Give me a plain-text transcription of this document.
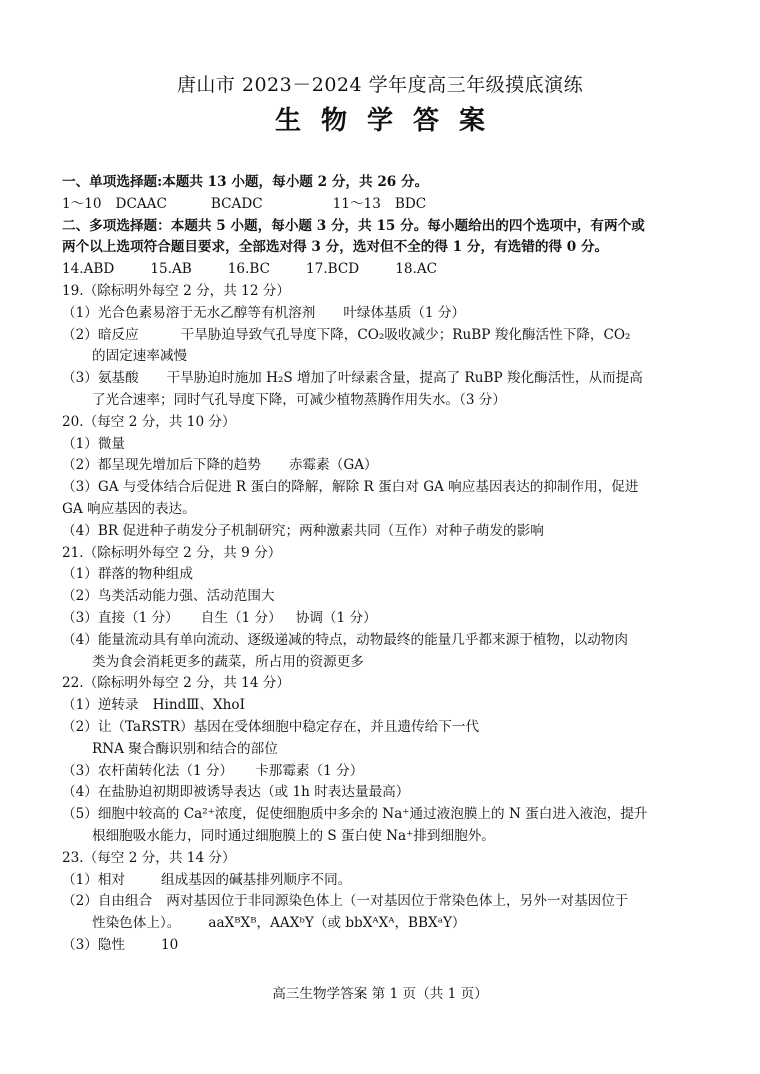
唐山市 2023－2024 学年度高三年级摸底演练
生物学答案
一、单项选择题:本题共 13 小题，每小题 2 分，共 26 分。
1～10 DCAAC	BCADC	11～13 BDC
二、多项选择题：本题共 5 小题，每小题 3 分，共 15 分。每小题给出的四个选项中，有两个或
两个以上选项符合题目要求，全部选对得 3 分，选对但不全的得 1 分，有选错的得 0 分。
14.ABD	15.AB	16.BC	17.BCD	18.AC
19.（除标明外每空 2 分，共 12 分）
（1）光合色素易溶于无水乙醇等有机溶剂 叶绿体基质（1 分）
（2）暗反应	干旱胁迫导致气孔导度下降，CO₂吸收减少；RuBP 羧化酶活性下降，CO₂
的固定速率减慢
（3）氨基酸 干旱胁迫时施加 H₂S 增加了叶绿素含量，提高了 RuBP 羧化酶活性，从而提高
了光合速率；同时气孔导度下降，可减少植物蒸腾作用失水。（3 分）
20.（每空 2 分，共 10 分）
（1）微量
（2）都呈现先增加后下降的趋势 赤霉素（GA）
（3）GA 与受体结合后促进 R 蛋白的降解，解除 R 蛋白对 GA 响应基因表达的抑制作用，促进
GA 响应基因的表达。
（4）BR 促进种子萌发分子机制研究；两种激素共同（互作）对种子萌发的影响
21.（除标明外每空 2 分，共 9 分）
（1）群落的物种组成
（2）鸟类活动能力强、活动范围大
（3）直接（1 分） 自生（1 分） 协调（1 分）
（4）能量流动具有单向流动、逐级递减的特点，动物最终的能量几乎都来源于植物，以动物肉
类为食会消耗更多的蔬菜，所占用的资源更多
22.（除标明外每空 2 分，共 14 分）
（1）逆转录 HindⅢ、XhoI
（2）让（TaRSTR）基因在受体细胞中稳定存在，并且遗传给下一代
RNA 聚合酶识别和结合的部位
（3）农杆菌转化法（1 分） 卡那霉素（1 分）
（4）在盐胁迫初期即被诱导表达（或 1h 时表达量最高）
（5）细胞中较高的 Ca²⁺浓度，促使细胞质中多余的 Na⁺通过液泡膜上的 N 蛋白进入液泡，提升
根细胞吸水能力，同时通过细胞膜上的 S 蛋白使 Na⁺排到细胞外。
23.（每空 2 分，共 14 分）
（1）相对	组成基因的碱基排列顺序不同。
（2）自由组合 两对基因位于非同源染色体上（一对基因位于常染色体上，另外一对基因位于
性染色体上）。 aaXᴮXᴮ，AAXᵇY（或 bbXᴬXᴬ，BBXᵃY）
（3）隐性	10
高三生物学答案 第 1 页（共 1 页）
